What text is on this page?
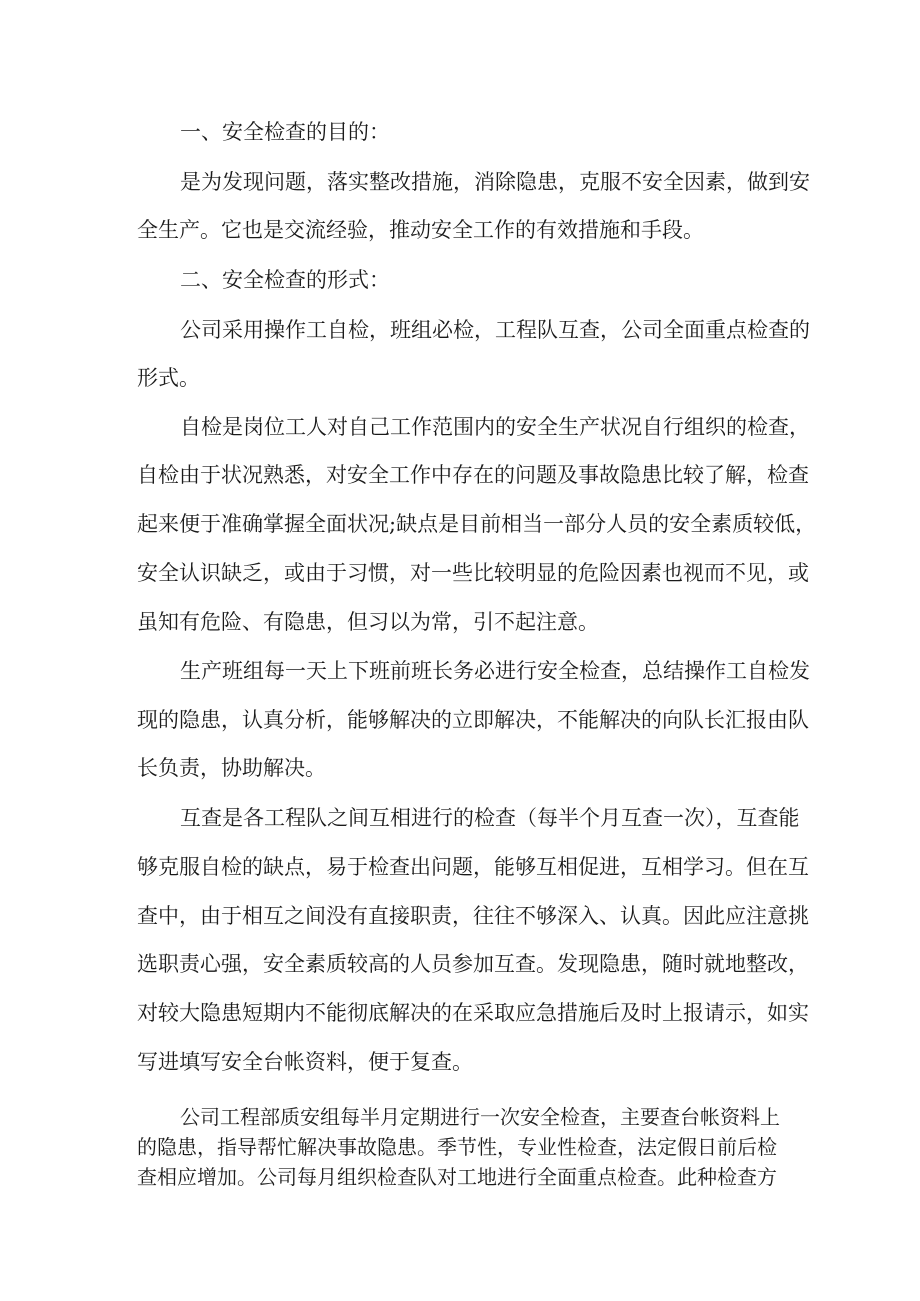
一、安全检查的目的：
是为发现问题，落实整改措施，消除隐患，克服不安全因素，做到安
全生产。它也是交流经验，推动安全工作的有效措施和手段。
二、安全检查的形式：
公司采用操作工自检，班组必检，工程队互查，公司全面重点检查的
形式。
自检是岗位工人对自己工作范围内的安全生产状况自行组织的检查，
自检由于状况熟悉，对安全工作中存在的问题及事故隐患比较了解，检查
起来便于准确掌握全面状况;缺点是目前相当一部分人员的安全素质较低，
安全认识缺乏，或由于习惯，对一些比较明显的危险因素也视而不见，或
虽知有危险、有隐患，但习以为常，引不起注意。
生产班组每一天上下班前班长务必进行安全检查，总结操作工自检发
现的隐患，认真分析，能够解决的立即解决，不能解决的向队长汇报由队
长负责，协助解决。
互查是各工程队之间互相进行的检查（每半个月互查一次），互查能
够克服自检的缺点，易于检查出问题，能够互相促进，互相学习。但在互
查中，由于相互之间没有直接职责，往往不够深入、认真。因此应注意挑
选职责心强，安全素质较高的人员参加互查。发现隐患，随时就地整改，
对较大隐患短期内不能彻底解决的在采取应急措施后及时上报请示，如实
写进填写安全台帐资料，便于复查。
公司工程部质安组每半月定期进行一次安全检查，主要查台帐资料上
的隐患，指导帮忙解决事故隐患。季节性，专业性检查，法定假日前后检
查相应增加。公司每月组织检查队对工地进行全面重点检查。此种检查方
